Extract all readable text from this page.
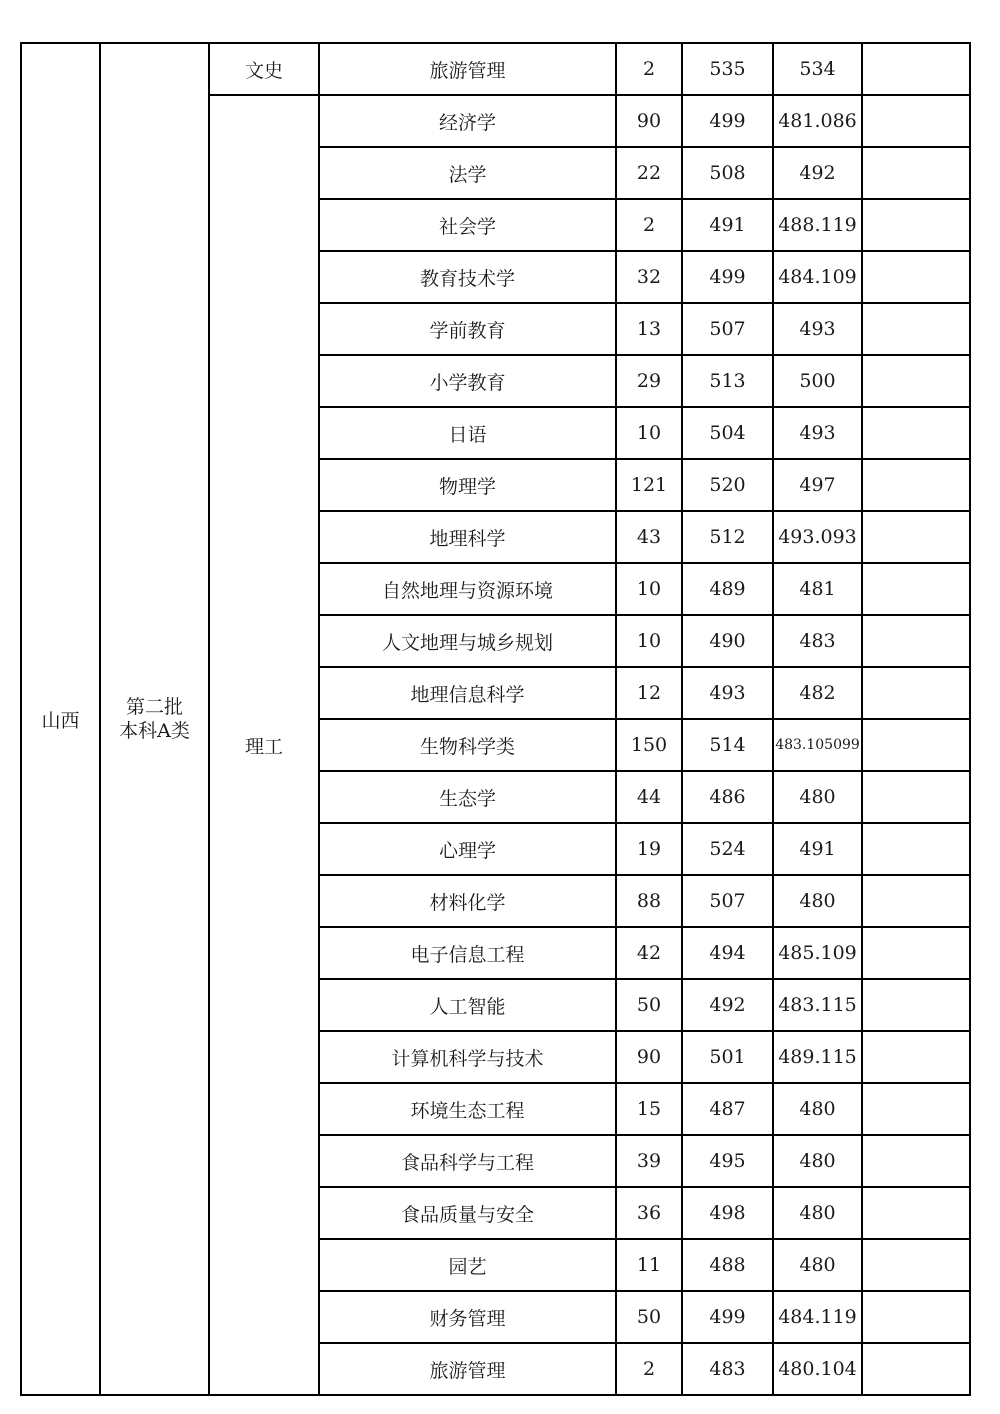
山西	第二批
本科A类	文史	旅游管理	2	535	534	
		理工	经济学	90	499	481.086	
			法学	22	508	492	
			社会学	2	491	488.119	
			教育技术学	32	499	484.109	
			学前教育	13	507	493	
			小学教育	29	513	500	
			日语	10	504	493	
			物理学	121	520	497	
			地理科学	43	512	493.093	
			自然地理与资源环境	10	489	481	
			人文地理与城乡规划	10	490	483	
			地理信息科学	12	493	482	
			生物科学类	150	514	483.105099	
			生态学	44	486	480	
			心理学	19	524	491	
			材料化学	88	507	480	
			电子信息工程	42	494	485.109	
			人工智能	50	492	483.115	
			计算机科学与技术	90	501	489.115	
			环境生态工程	15	487	480	
			食品科学与工程	39	495	480	
			食品质量与安全	36	498	480	
			园艺	11	488	480	
			财务管理	50	499	484.119	
			旅游管理	2	483	480.104	
